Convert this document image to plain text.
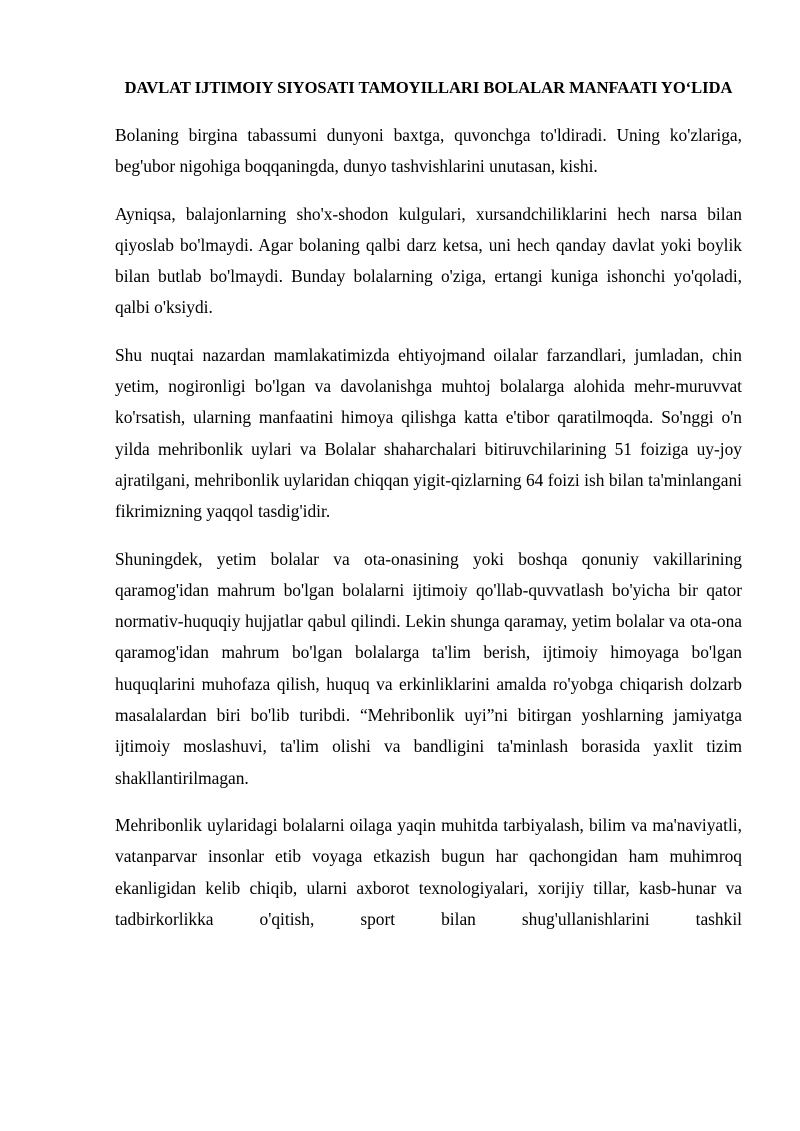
DAVLAT IJTIMOIY SIYOSATI TAMOYILLARI BOLALAR MANFAATI YO‘LIDA

Bolaning birgina tabassumi dunyoni baxtga, quvonchga to'ldiradi. Uning ko'zlariga, beg'ubor nigohiga boqqaningda, dunyo tashvishlarini unutasan, kishi.

Ayniqsa, balajonlarning sho'x-shodon kulgulari, xursandchiliklarini hech narsa bilan qiyoslab bo'lmaydi. Agar bolaning qalbi darz ketsa, uni hech qanday davlat yoki boylik bilan butlab bo'lmaydi. Bunday bolalarning o'ziga, ertangi kuniga ishonchi yo'qoladi, qalbi o'ksiydi.

Shu nuqtai nazardan mamlakatimizda ehtiyojmand oilalar farzandlari, jumladan, chin yetim, nogironligi bo'lgan va davolanishga muhtoj bolalarga alohida mehr-muruvvat ko'rsatish, ularning manfaatini himoya qilishga katta e'tibor qaratilmoqda. So'nggi o'n yilda mehribonlik uylari va Bolalar shaharchalari bitiruvchilarining 51 foiziga uy-joy ajratilgani, mehribonlik uylaridan chiqqan yigit-qizlarning 64 foizi ish bilan ta'minlangani fikrimizning yaqqol tasdig'idir.

Shuningdek, yetim bolalar va ota-onasining yoki boshqa qonuniy vakillarining qaramog'idan mahrum bo'lgan bolalarni ijtimoiy qo'llab-quvvatlash bo'yicha bir qator normativ-huquqiy hujjatlar qabul qilindi. Lekin shunga qaramay, yetim bolalar va ota-ona qaramog'idan mahrum bo'lgan bolalarga ta'lim berish, ijtimoiy himoyaga bo'lgan huquqlarini muhofaza qilish, huquq va erkinliklarini amalda ro'yobga chiqarish dolzarb masalalardan biri bo'lib turibdi. “Mehribonlik uyi”ni bitirgan yoshlarning jamiyatga ijtimoiy moslashuvi, ta'lim olishi va bandligini ta'minlash borasida yaxlit tizim shakllantirilmagan.

Mehribonlik uylaridagi bolalarni oilaga yaqin muhitda tarbiyalash, bilim va ma'naviyatli, vatanparvar insonlar etib voyaga etkazish bugun har qachongidan ham muhimroq ekanligidan kelib chiqib, ularni axborot texnologiyalari, xorijiy tillar, kasb-hunar va tadbirkorlikka o'qitish, sport bilan shug'ullanishlarini tashkil
